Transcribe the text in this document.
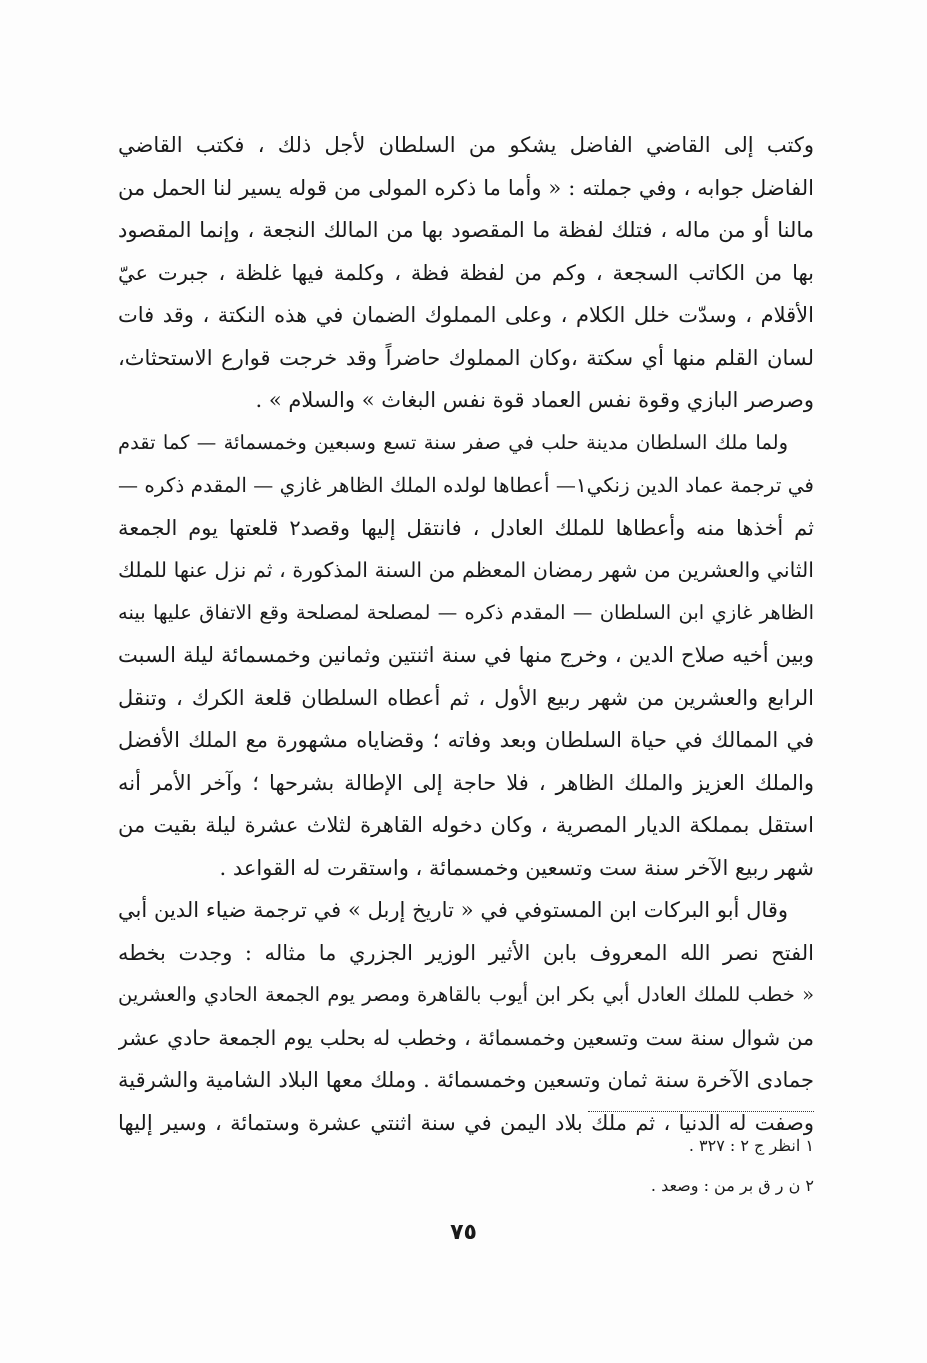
وكتب إلى القاضي الفاضل يشكو من السلطان لأجل ذلك ، فكتب القاضي
الفاضل جوابه ، وفي جملته : « وأما ما ذكره المولى من قوله يسير لنا الحمل من
مالنا أو من ماله ، فتلك لفظة ما المقصود بها من المالك النجعة ، وإنما المقصود
بها من الكاتب السجعة ، وكم من لفظة فظة ، وكلمة فيها غلظة ، جبرت عيّ
الأقلام ، وسدّت خلل الكلام ، وعلى المملوك الضمان في هذه النكتة ، وقد فات
لسان القلم منها أي سكتة ،وكان المملوك حاضراً وقد خرجت قوارع الاستحثاث،
وصرصر البازي وقوة نفس العماد قوة نفس البغاث » والسلام » .
ولما ملك السلطان مدينة حلب في صفر سنة تسع وسبعين وخمسمائة — كما تقدم
في ترجمة عماد الدين زنكي١— أعطاها لولده الملك الظاهر غازي — المقدم ذكره —
ثم أخذها منه وأعطاها للملك العادل ، فانتقل إليها وقصد٢ قلعتها يوم الجمعة
الثاني والعشرين من شهر رمضان المعظم من السنة المذكورة ، ثم نزل عنها للملك
الظاهر غازي ابن السلطان — المقدم ذكره — لمصلحة لمصلحة وقع الاتفاق عليها بينه
وبين أخيه صلاح الدين ، وخرج منها في سنة اثنتين وثمانين وخمسمائة ليلة السبت
الرابع والعشرين من شهر ربيع الأول ، ثم أعطاه السلطان قلعة الكرك ، وتنقل
في الممالك في حياة السلطان وبعد وفاته ؛ وقضاياه مشهورة مع الملك الأفضل
والملك العزيز والملك الظاهر ، فلا حاجة إلى الإطالة بشرحها ؛ وآخر الأمر أنه
استقل بمملكة الديار المصرية ، وكان دخوله القاهرة لثلاث عشرة ليلة بقيت من
شهر ربيع الآخر سنة ست وتسعين وخمسمائة ، واستقرت له القواعد .
وقال أبو البركات ابن المستوفي في « تاريخ إربل » في ترجمة ضياء الدين أبي
الفتح نصر الله المعروف بابن الأثير الوزير الجزري ما مثاله : وجدت بخطه
« خطب للملك العادل أبي بكر ابن أيوب بالقاهرة ومصر يوم الجمعة الحادي والعشرين
من شوال سنة ست وتسعين وخمسمائة ، وخطب له بحلب يوم الجمعة حادي عشر
جمادى الآخرة سنة ثمان وتسعين وخمسمائة . وملك معها البلاد الشامية والشرقية
وصفت له الدنيا ، ثم ملك بلاد اليمن في سنة اثنتي عشرة وستمائة ، وسير إليها
١ انظر ج ٢ : ٣٢٧ .
٢ ن ر ق بر من : وصعد .
٧٥
